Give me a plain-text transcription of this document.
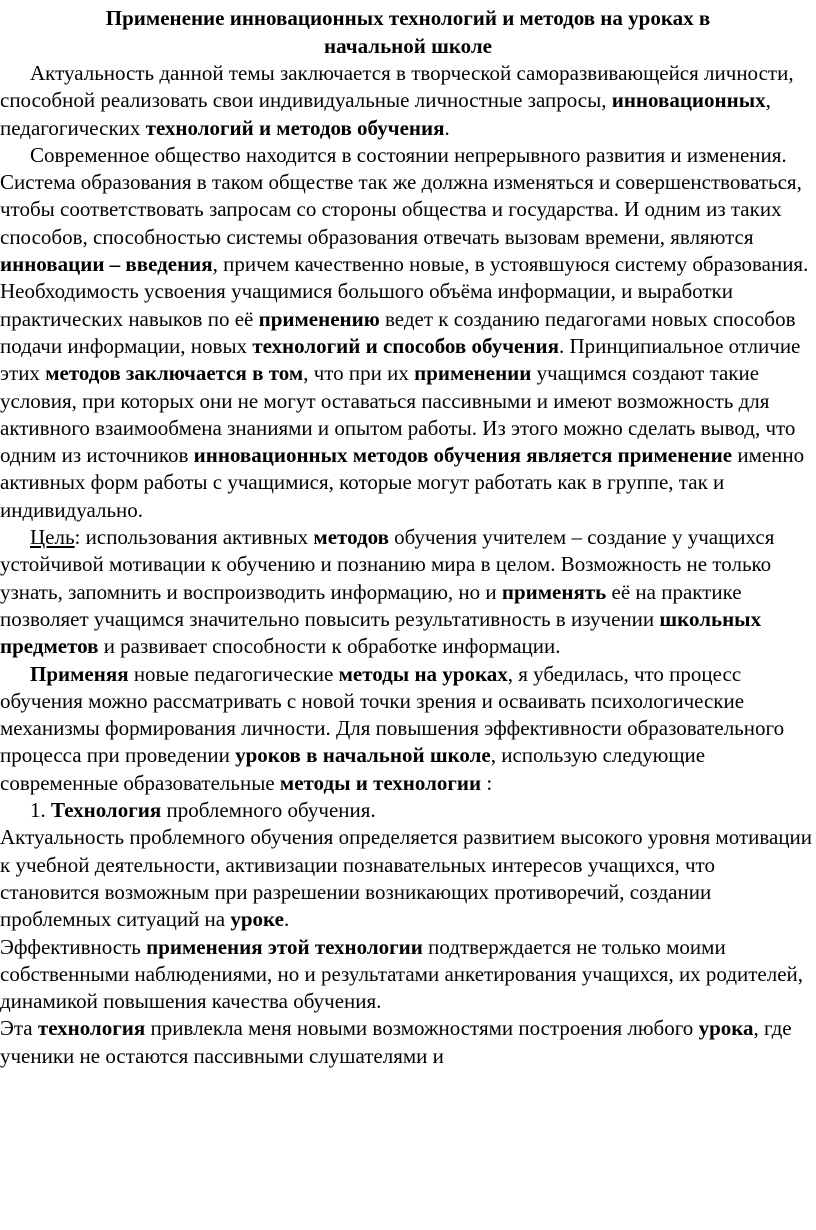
Применение инновационных технологий и методов на уроках в
начальной школе

Актуальность данной темы заключается в творческой саморазвивающейся личности, способной реализовать свои индивидуальные личностные запросы, инновационных, педагогических технологий и методов обучения.

Современное общество находится в состоянии непрерывного развития и изменения. Система образования в таком обществе так же должна изменяться и совершенствоваться, чтобы соответствовать запросам со стороны общества и государства. И одним из таких способов, способностью системы образования отвечать вызовам времени, являются инновации – введения, причем качественно новые, в устоявшуюся систему образования. Необходимость усвоения учащимися большого объёма информации, и выработки практических навыков по её применению ведет к созданию педагогами новых способов подачи информации, новых технологий и способов обучения. Принципиальное отличие этих методов заключается в том, что при их применении учащимся создают такие условия, при которых они не могут оставаться пассивными и имеют возможность для активного взаимообмена знаниями и опытом работы. Из этого можно сделать вывод, что одним из источников инновационных методов обучения является применение именно активных форм работы с учащимися, которые могут работать как в группе, так и индивидуально.

Цель: использования активных методов обучения учителем – создание у учащихся устойчивой мотивации к обучению и познанию мира в целом. Возможность не только узнать, запомнить и воспроизводить информацию, но и применять её на практике позволяет учащимся значительно повысить результативность в изучении школьных предметов и развивает способности к обработке информации.

Применяя новые педагогические методы на уроках, я убедилась, что процесс обучения можно рассматривать с новой точки зрения и осваивать психологические механизмы формирования личности. Для повышения эффективности образовательного процесса при проведении уроков в начальной школе, использую следующие современные образовательные методы и технологии :

1. Технология проблемного обучения.

Актуальность проблемного обучения определяется развитием высокого уровня мотивации к учебной деятельности, активизации познавательных интересов учащихся, что становится возможным при разрешении возникающих противоречий, создании проблемных ситуаций на уроке.

Эффективность применения этой технологии подтверждается не только моими собственными наблюдениями, но и результатами анкетирования учащихся, их родителей, динамикой повышения качества обучения.

Эта технология привлекла меня новыми возможностями построения любого урока, где ученики не остаются пассивными слушателями и
